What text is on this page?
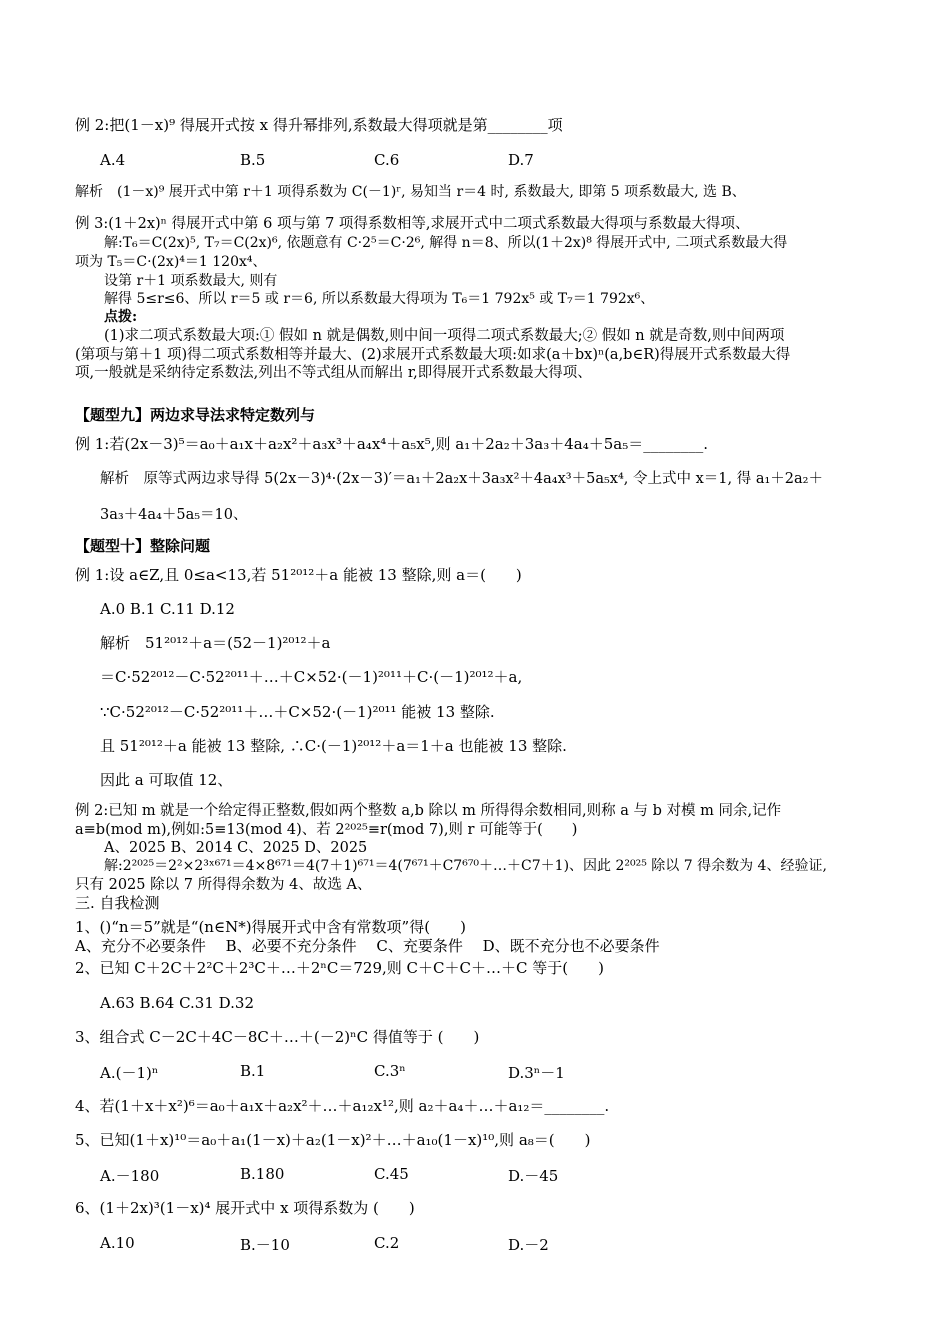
例 2:把(1－x)⁹ 得展开式按 x 得升幂排列,系数最大得项就是第________项
A.4	B.5	C.6	D.7
解析　(1－x)⁹ 展开式中第 r＋1 项得系数为 C(－1)ʳ, 易知当 r＝4 时, 系数最大, 即第 5 项系数最大, 选 B、
例 3:(1＋2x)ⁿ 得展开式中第 6 项与第 7 项得系数相等,求展开式中二项式系数最大得项与系数最大得项、
解:T₆＝C(2x)⁵, T₇＝C(2x)⁶, 依题意有 C·2⁵＝C·2⁶, 解得 n＝8、所以(1＋2x)⁸ 得展开式中, 二项式系数最大得
项为 T₅＝C·(2x)⁴＝1 120x⁴、
设第 r＋1 项系数最大, 则有
解得 5≤r≤6、所以 r＝5 或 r＝6, 所以系数最大得项为 T₆＝1 792x⁵ 或 T₇＝1 792x⁶、
点拨:
(1)求二项式系数最大项:① 假如 n 就是偶数,则中间一项得二项式系数最大;② 假如 n 就是奇数,则中间两项
(第项与第＋1 项)得二项式系数相等并最大、(2)求展开式系数最大项:如求(a＋bx)ⁿ(a,b∈R)得展开式系数最大得
项,一般就是采纳待定系数法,列出不等式组从而解出 r,即得展开式系数最大得项、
【题型九】两边求导法求特定数列与
例 1:若(2x－3)⁵＝a₀＋a₁x＋a₂x²＋a₃x³＋a₄x⁴＋a₅x⁵,则 a₁＋2a₂＋3a₃＋4a₄＋5a₅＝________.
解析　原等式两边求导得 5(2x－3)⁴·(2x－3)′＝a₁＋2a₂x＋3a₃x²＋4a₄x³＋5a₅x⁴, 令上式中 x＝1, 得 a₁＋2a₂＋
3a₃＋4a₄＋5a₅＝10、
【题型十】整除问题
例 1:设 a∈Z,且 0≤a<13,若 51²⁰¹²＋a 能被 13 整除,则 a＝(　　)
A.0 B.1 C.11 D.12
解析　51²⁰¹²＋a＝(52－1)²⁰¹²＋a
＝C·52²⁰¹²－C·52²⁰¹¹＋…＋C×52·(－1)²⁰¹¹＋C·(－1)²⁰¹²＋a,
∵C·52²⁰¹²－C·52²⁰¹¹＋…＋C×52·(－1)²⁰¹¹ 能被 13 整除.
且 51²⁰¹²＋a 能被 13 整除, ∴C·(－1)²⁰¹²＋a＝1＋a 也能被 13 整除.
因此 a 可取值 12、
例 2:已知 m 就是一个给定得正整数,假如两个整数 a,b 除以 m 所得得余数相同,则称 a 与 b 对模 m 同余,记作
a≡b(mod m),例如:5≡13(mod 4)、若 2²⁰²⁵≡r(mod 7),则 r 可能等于(　　)
A、2025 B、2014 C、2025 D、2025
解:2²⁰²⁵＝2²×2³ˣ⁶⁷¹＝4×8⁶⁷¹＝4(7＋1)⁶⁷¹＝4(7⁶⁷¹＋C7⁶⁷⁰＋…＋C7＋1)、因此 2²⁰²⁵ 除以 7 得余数为 4、经验证,
只有 2025 除以 7 所得得余数为 4、故选 A、
三. 自我检测
1、()“n＝5”就是“(n∈N*)得展开式中含有常数项”得(　　)
A、充分不必要条件　 B、必要不充分条件　 C、充要条件　 D、既不充分也不必要条件
2、已知 C＋2C＋2²C＋2³C＋…＋2ⁿC＝729,则 C＋C＋C＋…＋C 等于(　　)
A.63 B.64 C.31 D.32
3、组合式 C－2C＋4C－8C＋…＋(－2)ⁿC 得值等于 (　　)
A.(－1)ⁿ	B.1	C.3ⁿ	D.3ⁿ－1
4、若(1＋x＋x²)⁶＝a₀＋a₁x＋a₂x²＋…＋a₁₂x¹²,则 a₂＋a₄＋…＋a₁₂＝________.
5、已知(1＋x)¹⁰＝a₀＋a₁(1－x)＋a₂(1－x)²＋…＋a₁₀(1－x)¹⁰,则 a₈＝(　　)
A.－180	B.180	C.45	D.－45
6、(1＋2x)³(1－x)⁴ 展开式中 x 项得系数为 (　　)
A.10	B.－10	C.2	D.－2
